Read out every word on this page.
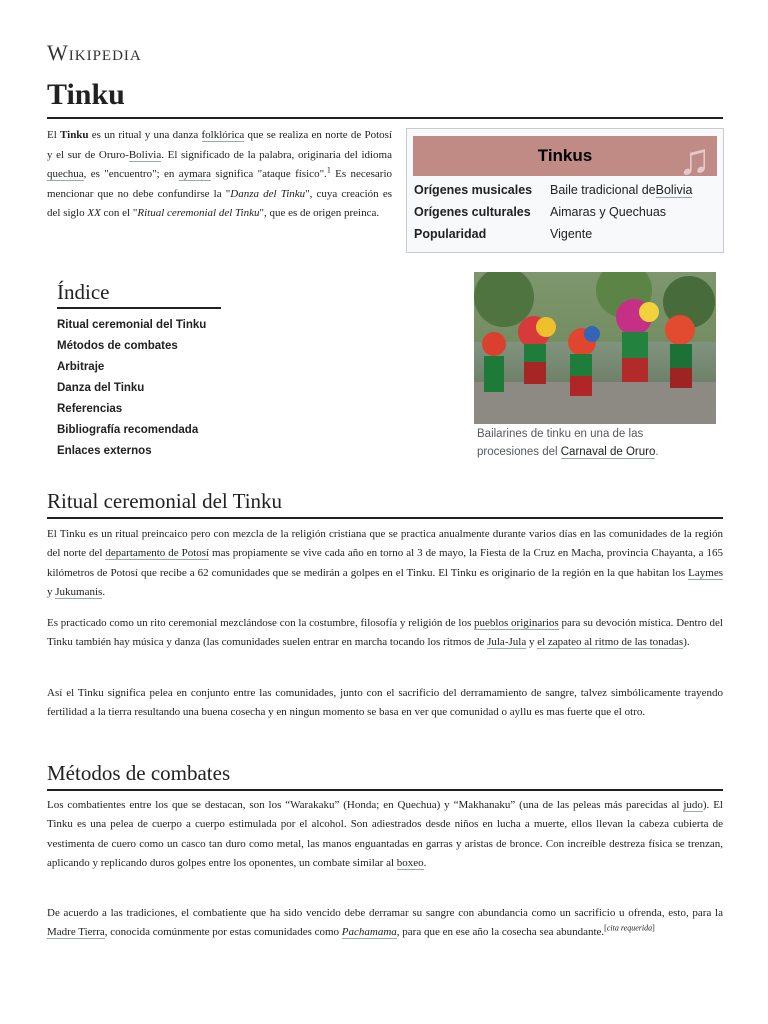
Wikipedia
Tinku
El Tinku es un ritual y una danza folklórica que se realiza en norte de Potosí y el sur de Oruro-Bolivia. El significado de la palabra, originaria del idioma quechua, es "encuentro"; en aymara significa "ataque físico".$^1$ Es necesario mencionar que no debe confundirse la "Danza del Tinku", cuya creación es del siglo XX con el "Ritual ceremonial del Tinku", que es de origen preinca.
Tinkus ♫
Orígenes musicales Baile tradicional deBolivia
Orígenes culturales Aimaras y Quechuas
Popularidad	Vigente
Índice
Ritual ceremonial del Tinku
Métodos de combates
Arbitraje
Danza del Tinku
Referencias
Bibliografía recomendada
Enlaces externos
Bailarines de tinku en una de las procesiones del Carnaval de Oruro.
Ritual ceremonial del Tinku
El Tinku es un ritual preincaico pero con mezcla de la religión cristiana que se practica anualmente durante varios días en las comunidades de la región del norte del departamento de Potosí mas propiamente se vive cada año en torno al 3 de mayo, la Fiesta de la Cruz en Macha, provincia Chayanta, a 165 kilómetros de Potosí que recibe a 62 comunidades que se medirán a golpes en el Tinku. El Tinku es originario de la región en la que habitan los Laymes y Jukumanis.
Es practicado como un rito ceremonial mezclándose con la costumbre, filosofía y religión de los pueblos originarios para su devoción mística. Dentro del Tinku también hay música y danza (las comunidades suelen entrar en marcha tocando los ritmos de Jula-Jula y el zapateo al ritmo de las tonadas).
Así el Tinku significa pelea en conjunto entre las comunidades, junto con el sacrificio del derramamiento de sangre, talvez simbólicamente trayendo fertilidad a la tierra resultando una buena cosecha y en ningun momento se basa en ver que comunidad o ayllu es mas fuerte que el otro.
Métodos de combates
Los combatientes entre los que se destacan, son los “Warakaku” (Honda; en Quechua) y “Makhanaku” (una de las peleas más parecidas al judo). El Tinku es una pelea de cuerpo a cuerpo estimulada por el alcohol. Son adiestrados desde niños en lucha a muerte, ellos llevan la cabeza cubierta de vestimenta de cuero como un casco tan duro como metal, las manos enguantadas en garras y aristas de bronce. Con increíble destreza física se trenzan, aplicando y replicando duros golpes entre los oponentes, un combate similar al boxeo.
De acuerdo a las tradiciones, el combatiente que ha sido vencido debe derramar su sangre con abundancia como un sacrificio u ofrenda, esto, para la Madre Tierra, conocida comúnmente por estas comunidades como Pachamama, para que en ese año la cosecha sea abundante.[cita requerida]
